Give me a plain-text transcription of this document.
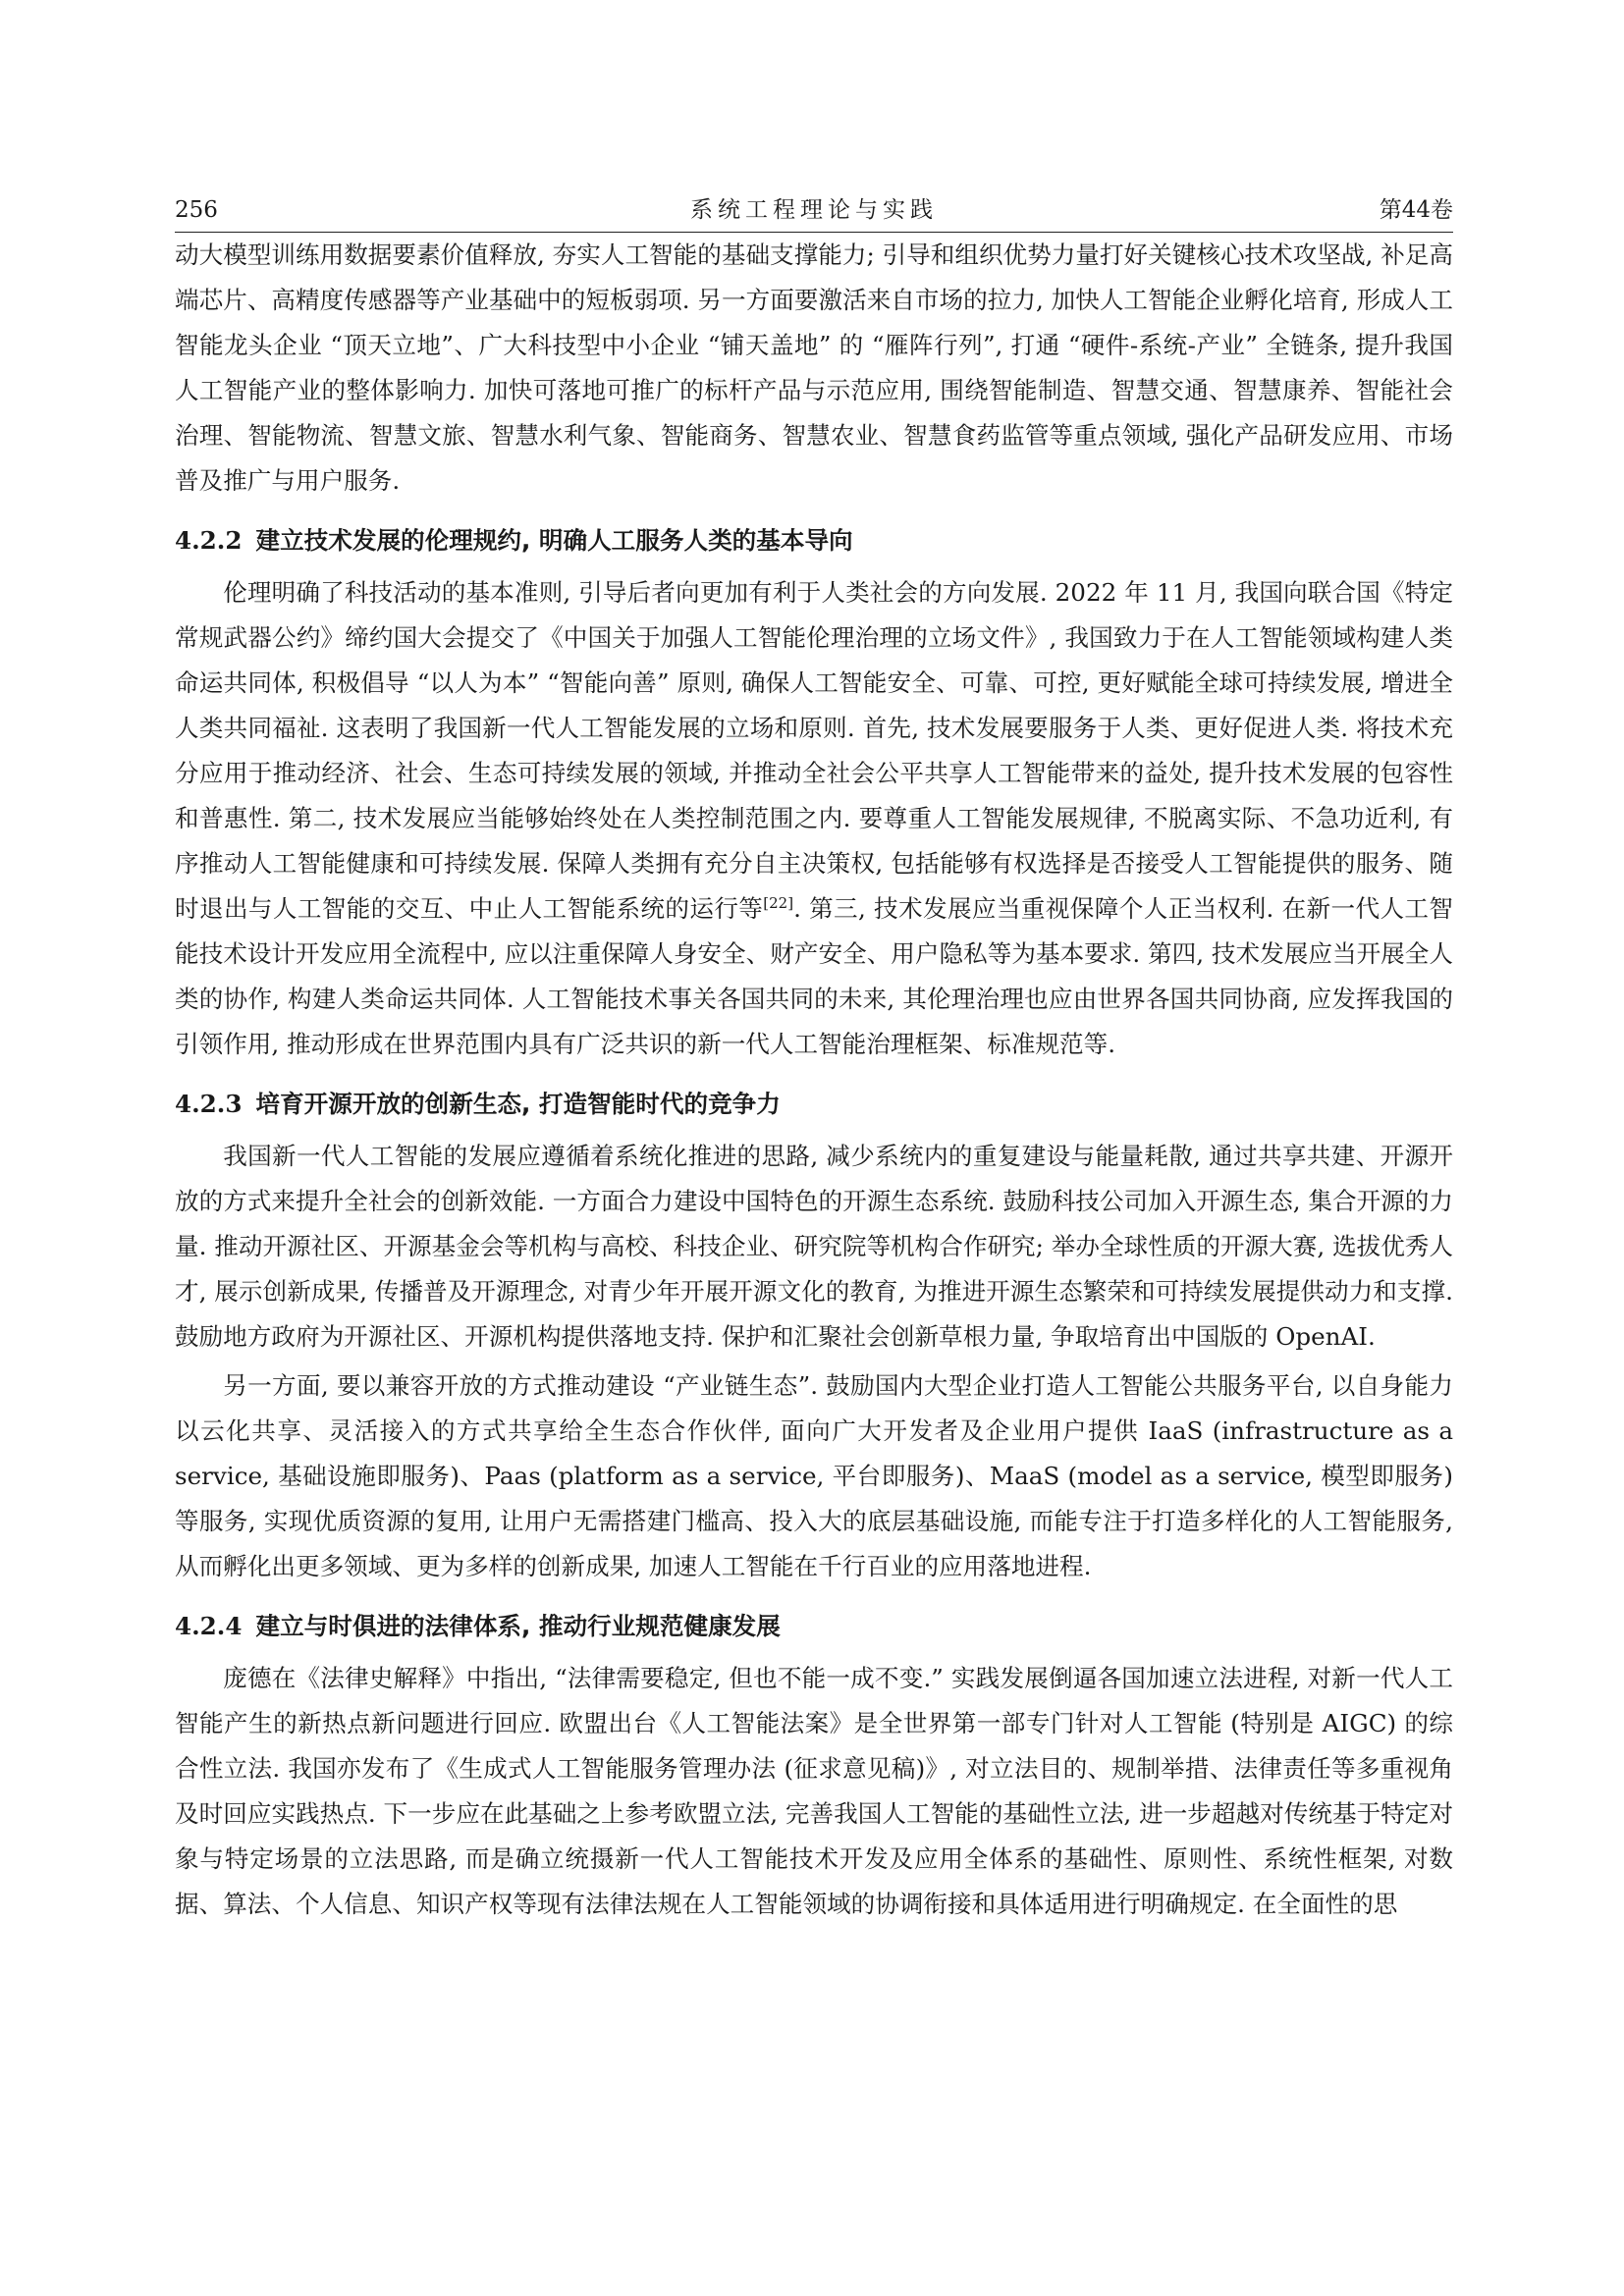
256	系统工程理论与实践	第44卷

动大模型训练用数据要素价值释放, 夯实人工智能的基础支撑能力; 引导和组织优势力量打好关键核心技术攻坚战, 补足高端芯片、高精度传感器等产业基础中的短板弱项. 另一方面要激活来自市场的拉力, 加快人工智能企业孵化培育, 形成人工智能龙头企业 “顶天立地”、广大科技型中小企业 “铺天盖地” 的 “雁阵行列”, 打通 “硬件-系统-产业” 全链条, 提升我国人工智能产业的整体影响力. 加快可落地可推广的标杆产品与示范应用, 围绕智能制造、智慧交通、智慧康养、智能社会治理、智能物流、智慧文旅、智慧水利气象、智能商务、智慧农业、智慧食药监管等重点领域, 强化产品研发应用、市场普及推广与用户服务.

4.2.2 建立技术发展的伦理规约, 明确人工服务人类的基本导向

伦理明确了科技活动的基本准则, 引导后者向更加有利于人类社会的方向发展. 2022 年 11 月, 我国向联合国《特定常规武器公约》缔约国大会提交了《中国关于加强人工智能伦理治理的立场文件》, 我国致力于在人工智能领域构建人类命运共同体, 积极倡导 “以人为本” “智能向善” 原则, 确保人工智能安全、可靠、可控, 更好赋能全球可持续发展, 增进全人类共同福祉. 这表明了我国新一代人工智能发展的立场和原则. 首先, 技术发展要服务于人类、更好促进人类. 将技术充分应用于推动经济、社会、生态可持续发展的领域, 并推动全社会公平共享人工智能带来的益处, 提升技术发展的包容性和普惠性. 第二, 技术发展应当能够始终处在人类控制范围之内. 要尊重人工智能发展规律, 不脱离实际、不急功近利, 有序推动人工智能健康和可持续发展. 保障人类拥有充分自主决策权, 包括能够有权选择是否接受人工智能提供的服务、随时退出与人工智能的交互、中止人工智能系统的运行等[22]. 第三, 技术发展应当重视保障个人正当权利. 在新一代人工智能技术设计开发应用全流程中, 应以注重保障人身安全、财产安全、用户隐私等为基本要求. 第四, 技术发展应当开展全人类的协作, 构建人类命运共同体. 人工智能技术事关各国共同的未来, 其伦理治理也应由世界各国共同协商, 应发挥我国的引领作用, 推动形成在世界范围内具有广泛共识的新一代人工智能治理框架、标准规范等.

4.2.3 培育开源开放的创新生态, 打造智能时代的竞争力

我国新一代人工智能的发展应遵循着系统化推进的思路, 减少系统内的重复建设与能量耗散, 通过共享共建、开源开放的方式来提升全社会的创新效能. 一方面合力建设中国特色的开源生态系统. 鼓励科技公司加入开源生态, 集合开源的力量. 推动开源社区、开源基金会等机构与高校、科技企业、研究院等机构合作研究; 举办全球性质的开源大赛, 选拔优秀人才, 展示创新成果, 传播普及开源理念, 对青少年开展开源文化的教育, 为推进开源生态繁荣和可持续发展提供动力和支撑. 鼓励地方政府为开源社区、开源机构提供落地支持. 保护和汇聚社会创新草根力量, 争取培育出中国版的 OpenAI.

另一方面, 要以兼容开放的方式推动建设 “产业链生态”. 鼓励国内大型企业打造人工智能公共服务平台, 以自身能力以云化共享、灵活接入的方式共享给全生态合作伙伴, 面向广大开发者及企业用户提供 IaaS (infrastructure as a service, 基础设施即服务)、Paas (platform as a service, 平台即服务)、MaaS (model as a service, 模型即服务) 等服务, 实现优质资源的复用, 让用户无需搭建门槛高、投入大的底层基础设施, 而能专注于打造多样化的人工智能服务, 从而孵化出更多领域、更为多样的创新成果, 加速人工智能在千行百业的应用落地进程.

4.2.4 建立与时俱进的法律体系, 推动行业规范健康发展

庞德在《法律史解释》中指出, “法律需要稳定, 但也不能一成不变.” 实践发展倒逼各国加速立法进程, 对新一代人工智能产生的新热点新问题进行回应. 欧盟出台《人工智能法案》是全世界第一部专门针对人工智能 (特别是 AIGC) 的综合性立法. 我国亦发布了《生成式人工智能服务管理办法 (征求意见稿)》, 对立法目的、规制举措、法律责任等多重视角及时回应实践热点. 下一步应在此基础之上参考欧盟立法, 完善我国人工智能的基础性立法, 进一步超越对传统基于特定对象与特定场景的立法思路, 而是确立统摄新一代人工智能技术开发及应用全体系的基础性、原则性、系统性框架, 对数据、算法、个人信息、知识产权等现有法律法规在人工智能领域的协调衔接和具体适用进行明确规定. 在全面性的思
